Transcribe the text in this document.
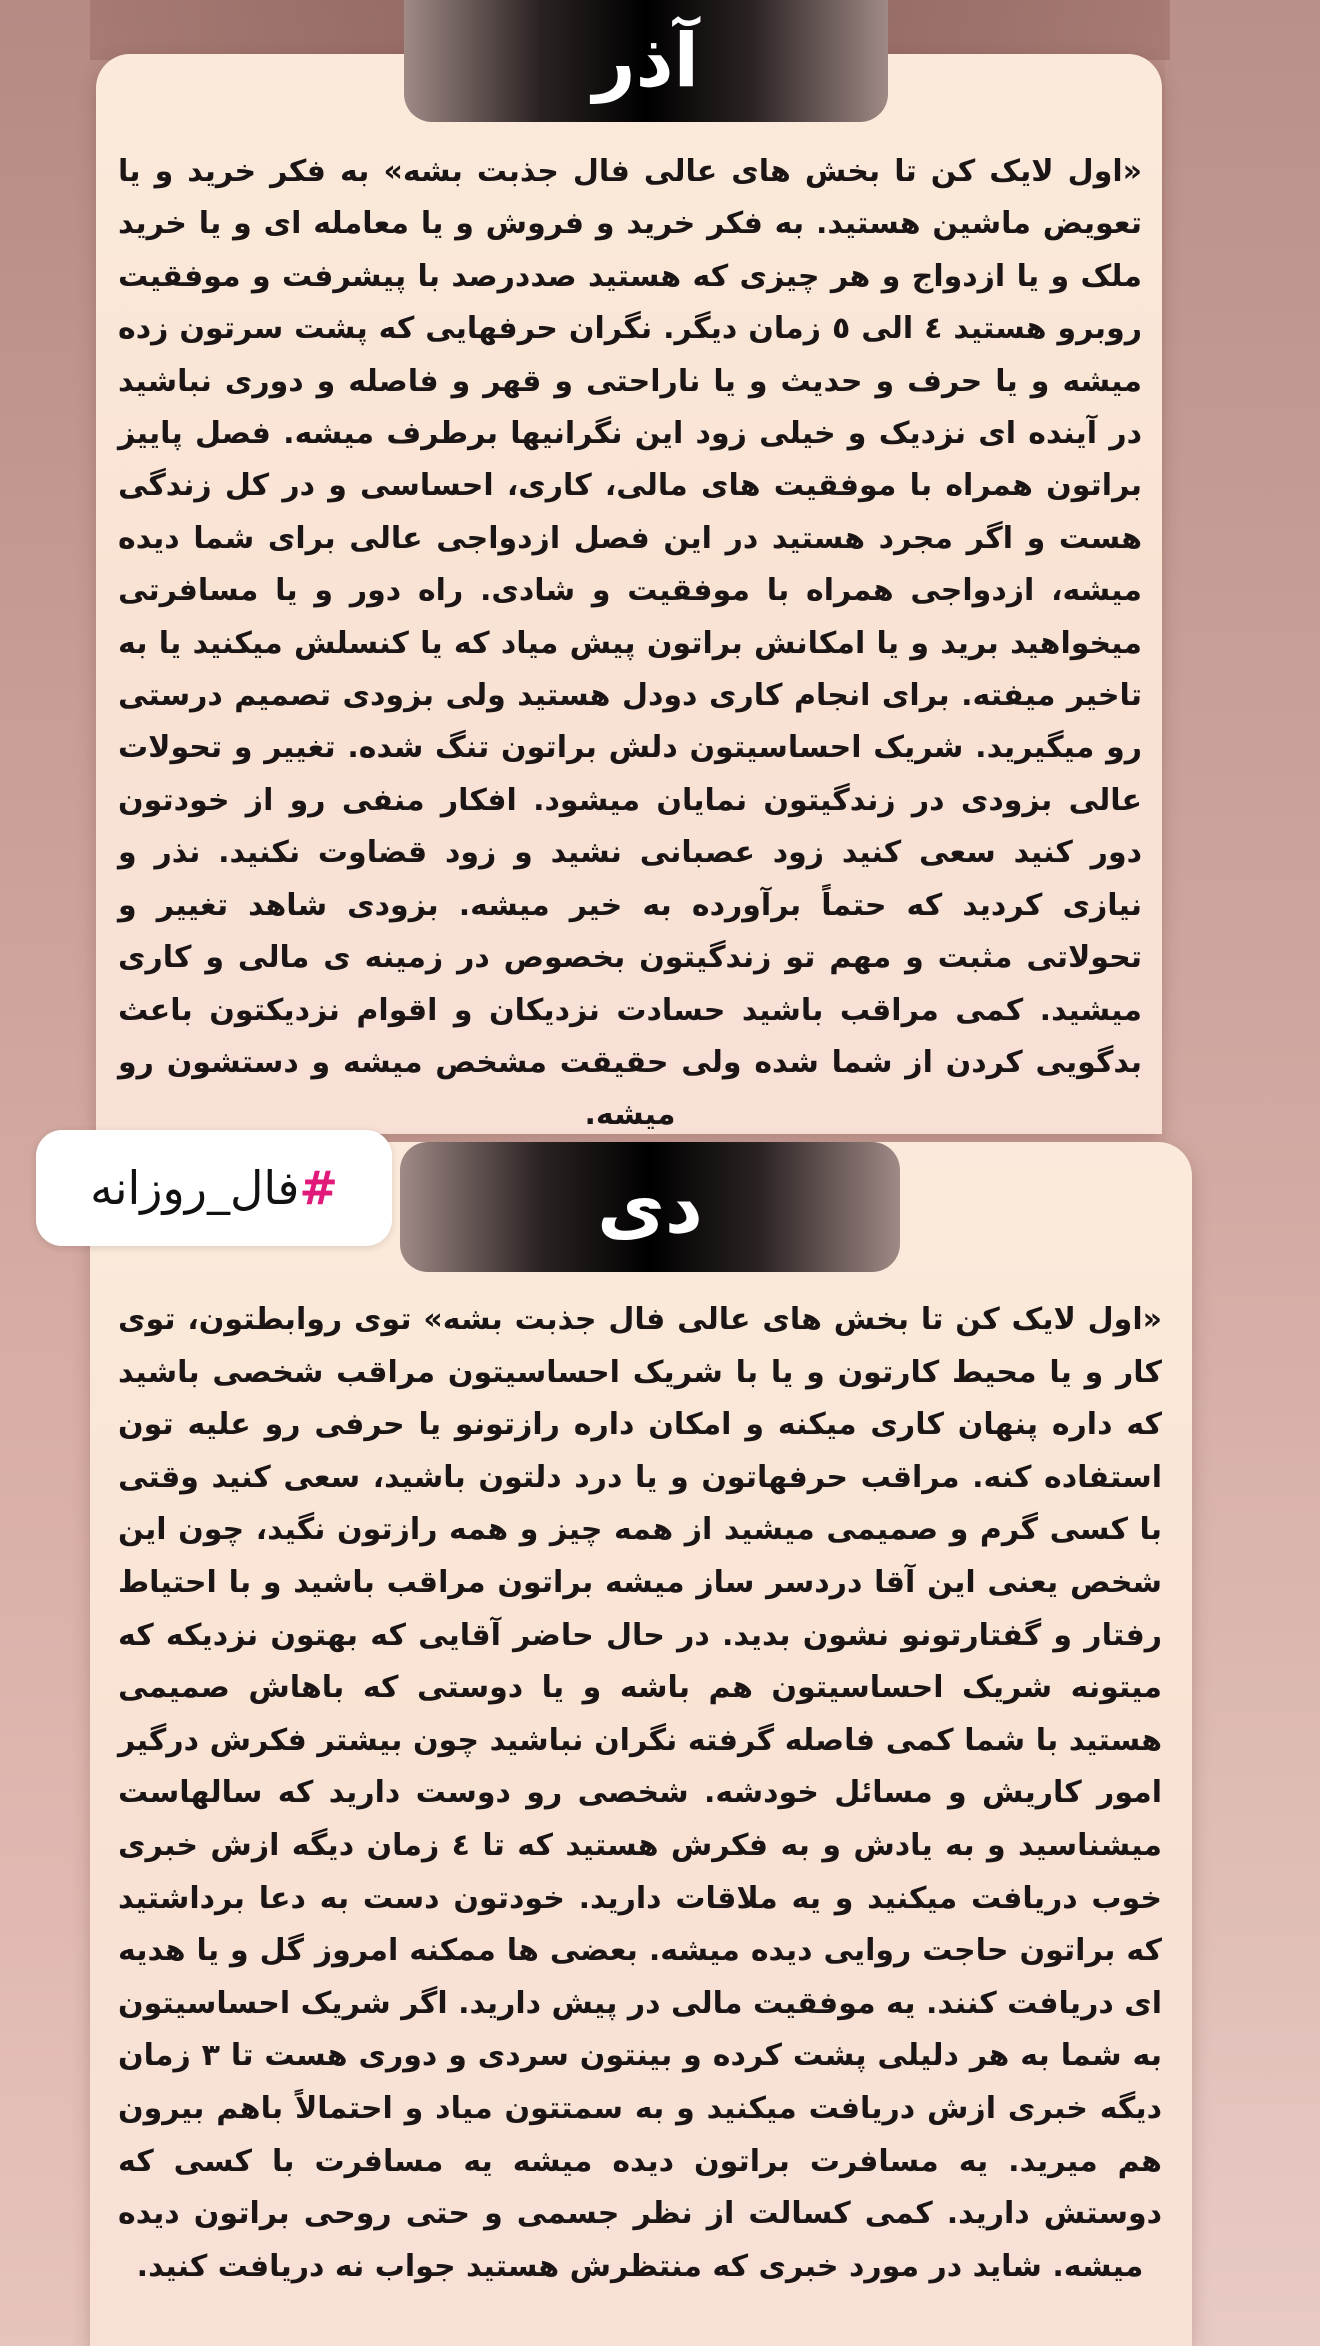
آذر

«اول لایک کن تا بخش های عالی فال جذبت بشه» به فکر خرید و یا تعویض ماشین هستید. به فکر خرید و فروش و یا معامله ای و یا خرید ملک و یا ازدواج و هر چیزی که هستید صددرصد با پیشرفت و موفقیت روبرو هستید ٤ الی ٥ زمان دیگر. نگران حرفهایی که پشت سرتون زده میشه و یا حرف و حدیث و یا ناراحتی و قهر و فاصله و دوری نباشید در آینده ای نزدیک و خیلی زود این نگرانیها برطرف میشه. فصل پاییز براتون همراه با موفقیت های مالی، کاری، احساسی و در کل زندگی هست و اگر مجرد هستید در این فصل ازدواجی عالی برای شما دیده میشه، ازدواجی همراه با موفقیت و شادی. راه دور و یا مسافرتی میخواهید برید و یا امکانش براتون پیش میاد که یا کنسلش میکنید یا به تاخیر میفته. برای انجام کاری دودل هستید ولی بزودی تصمیم درستی رو میگیرید. شریک احساسیتون دلش براتون تنگ شده. تغییر و تحولات عالی بزودی در زندگیتون نمایان میشود. افکار منفی رو از خودتون دور کنید سعی کنید زود عصبانی نشید و زود قضاوت نکنید. نذر و نیازی کردید که حتماً برآورده به خیر میشه. بزودی شاهد تغییر و تحولاتی مثبت و مهم تو زندگیتون بخصوص در زمینه ی مالی و کاری میشید. کمی مراقب باشید حسادت نزدیکان و اقوام نزدیکتون باعث بدگویی کردن از شما شده ولی حقیقت مشخص میشه و دستشون رو میشه.

دی

«اول لایک کن تا بخش های عالی فال جذبت بشه» توی روابطتون، توی کار و یا محیط کارتون و یا با شریک احساسیتون مراقب شخصی باشید که داره پنهان کاری میکنه و امکان داره رازتونو یا حرفی رو علیه تون استفاده کنه. مراقب حرفهاتون و یا درد دلتون باشید، سعی کنید وقتی با کسی گرم و صمیمی میشید از همه چیز و همه رازتون نگید، چون این شخص یعنی این آقا دردسر ساز میشه براتون مراقب باشید و با احتیاط رفتار و گفتارتونو نشون بدید. در حال حاضر آقایی که بهتون نزدیکه که میتونه شریک احساسیتون هم باشه و یا دوستی که باهاش صمیمی هستید با شما کمی فاصله گرفته نگران نباشید چون بیشتر فکرش درگیر امور کاریش و مسائل خودشه. شخصی رو دوست دارید که سالهاست میشناسید و به یادش و به فکرش هستید که تا ٤ زمان دیگه ازش خبری خوب دریافت میکنید و یه ملاقات دارید. خودتون دست به دعا برداشتید که براتون حاجت روایی دیده میشه. بعضی ها ممکنه امروز گل و یا هدیه ای دریافت کنند. یه موفقیت مالی در پیش دارید. اگر شریک احساسیتون به شما به هر دلیلی پشت کرده و بینتون سردی و دوری هست تا ٣ زمان دیگه خبری ازش دریافت میکنید و به سمتتون میاد و احتمالاً باهم بیرون هم میرید. یه مسافرت براتون دیده میشه یه مسافرت با کسی که دوستش دارید. کمی کسالت از نظر جسمی و حتی روحی براتون دیده میشه. شاید در مورد خبری که منتظرش هستید جواب نه دریافت کنید.

#
فال_روزانه
